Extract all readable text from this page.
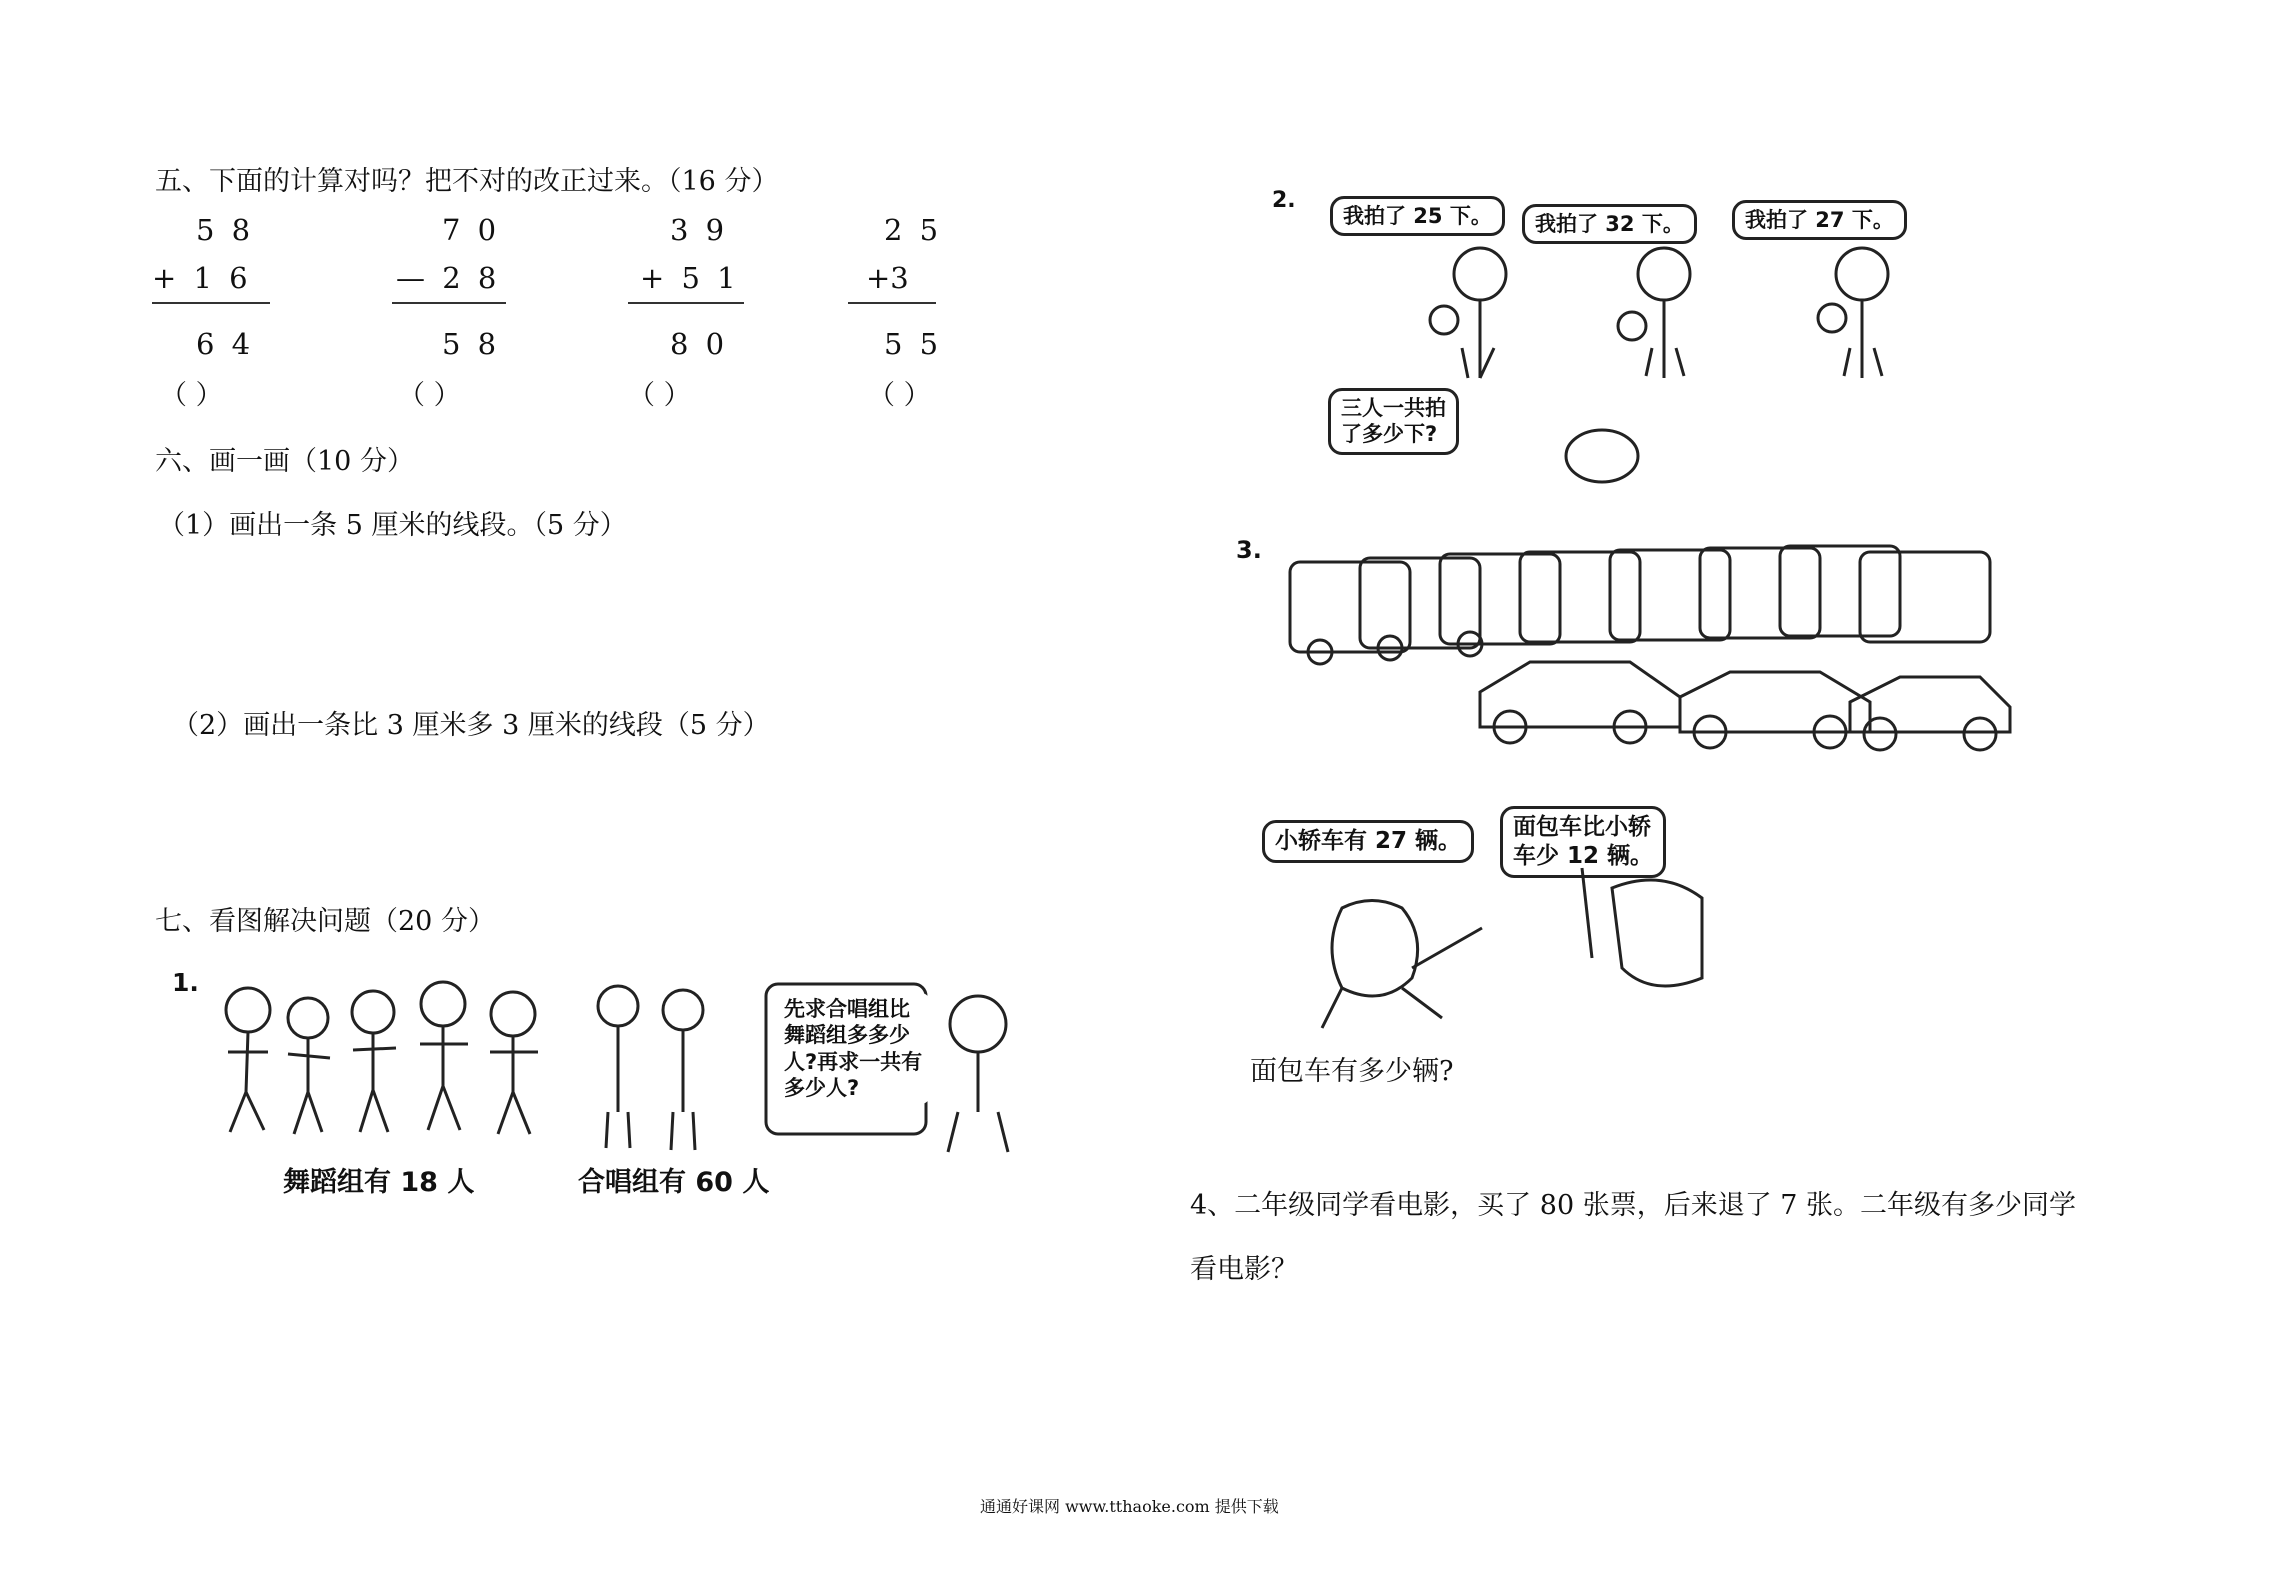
五、下面的计算对吗？把不对的改正过来。（16 分）
5 8
+ 1 6
6 4
（ ）
7 0
— 2 8
5 8
（ ）
3 9
+ 5 1
8 0
（ ）
2 5
+3
5 5
（ ）
六、画一画（10 分）
（1）画出一条 5 厘米的线段。（5 分）
（2）画出一条比 3 厘米多 3 厘米的线段（5 分）
七、看图解决问题（20 分）
1.
舞蹈组有 18 人	合唱组有 60 人
先求合唱组比
舞蹈组多多少
人?再求一共有
多少人?
2.
我拍了 25 下。	我拍了 32 下。	我拍了 27 下。
三人一共拍
了多少下?
3.
小轿车有 27 辆。
面包车比小轿
车少 12 辆。
面包车有多少辆?
4、二年级同学看电影，买了 80 张票，后来退了 7 张。二年级有多少同学
看电影？
通通好课网 www.tthaoke.com 提供下载
